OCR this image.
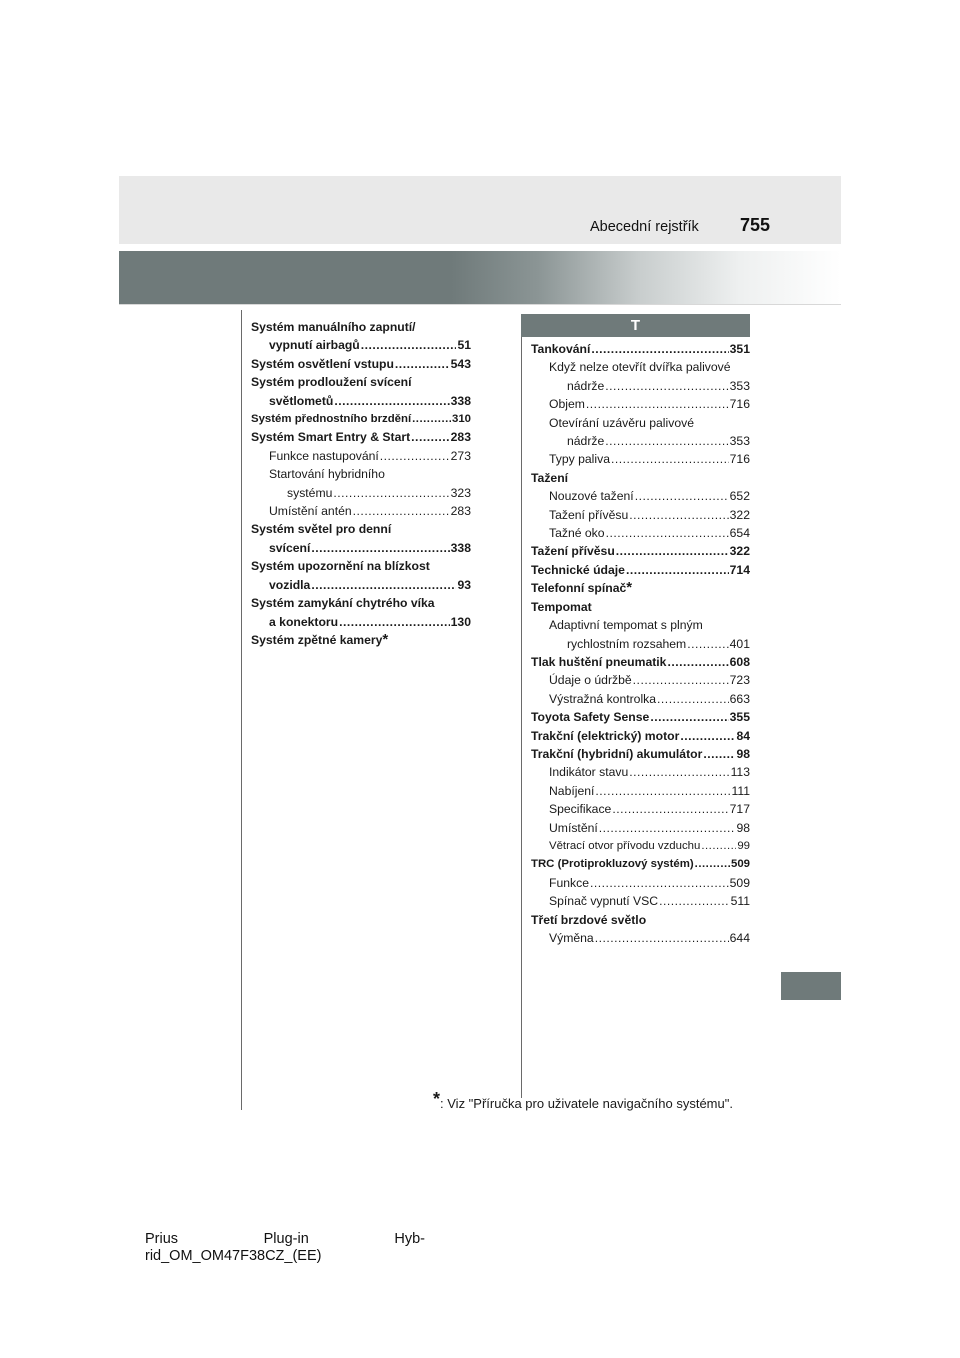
Abecední rejstřík 755
T
Systém manuálního zapnutí/
vypnutí airbagů .....	51
Systém osvětlení vstupu .....	543
Systém prodloužení svícení
světlometů .....	338
Systém přednostního brzdění .....	310
Systém Smart Entry & Start .....	283
Funkce nastupování .....	273
Startování hybridního
systému .....	323
Umístění antén .....	283
Systém světel pro denní
svícení .....	338
Systém upozornění na blízkost
vozidla .....	93
Systém zamykání chytrého víka
a konektoru .....	130
Systém zpětné kamery *
Tankování .....	351
Když nelze otevřít dvířka palivové
nádrže .....	353
Objem .....	716
Otevírání uzávěru palivové
nádrže .....	353
Typy paliva .....	716
Tažení
Nouzové tažení .....	652
Tažení přívěsu .....	322
Tažné oko .....	654
Tažení přívěsu .....	322
Technické údaje .....	714
Telefonní spínač *
Tempomat
Adaptivní tempomat s plným
rychlostním rozsahem .....	401
Tlak huštění pneumatik .....	608
Údaje o údržbě .....	723
Výstražná kontrolka .....	663
Toyota Safety Sense .....	355
Trakční (elektrický) motor .....	84
Trakční (hybridní) akumulátor .....	98
Indikátor stavu .....	113
Nabíjení .....	111
Specifikace .....	717
Umístění .....	98
Větrací otvor přívodu vzduchu .....	99
TRC (Protiprokluzový systém) .....	509
Funkce .....	509
Spínač vypnutí VSC .....	511
Třetí brzdové světlo
Výměna .....	644
*: Viz "Příručka pro uživatele navigačního systému".
Prius	Plug-in	Hyb-
rid_OM_OM47F38CZ_(EE)
